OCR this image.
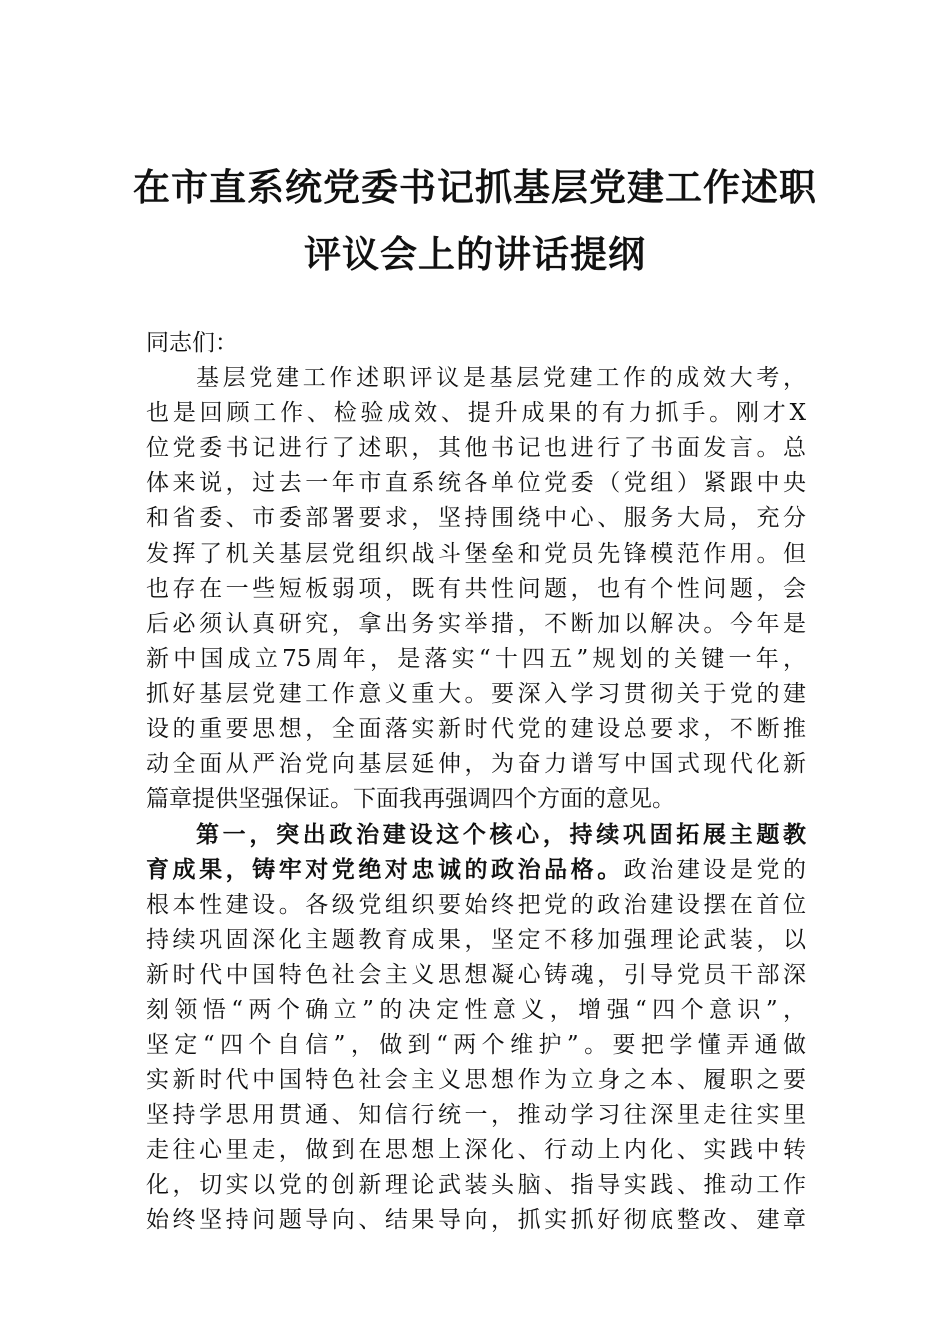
在市直系统党委书记抓基层党建工作述职
评议会上的讲话提纲
同志们：
基层党建工作述职评议是基层党建工作的成效大考，
也是回顾工作、检验成效、提升成果的有力抓手。刚才X
位党委书记进行了述职，其他书记也进行了书面发言。总
体来说，过去一年市直系统各单位党委（党组）紧跟中央
和省委、市委部署要求，坚持围绕中心、服务大局，充分
发挥了机关基层党组织战斗堡垒和党员先锋模范作用。但
也存在一些短板弱项，既有共性问题，也有个性问题，会
后必须认真研究，拿出务实举措，不断加以解决。今年是
新中国成立75周年，是落实“十四五”规划的关键一年，
抓好基层党建工作意义重大。要深入学习贯彻关于党的建
设的重要思想，全面落实新时代党的建设总要求，不断推
动全面从严治党向基层延伸，为奋力谱写中国式现代化新
篇章提供坚强保证。下面我再强调四个方面的意见。
第一，突出政治建设这个核心，持续巩固拓展主题教
育成果，铸牢对党绝对忠诚的政治品格。政治建设是党的
根本性建设。各级党组织要始终把党的政治建设摆在首位
持续巩固深化主题教育成果，坚定不移加强理论武装，以
新时代中国特色社会主义思想凝心铸魂，引导党员干部深
刻领悟“两个确立”的决定性意义，增强“四个意识”，
坚定“四个自信”，做到“两个维护”。要把学懂弄通做
实新时代中国特色社会主义思想作为立身之本、履职之要
坚持学思用贯通、知信行统一，推动学习往深里走往实里
走往心里走，做到在思想上深化、行动上内化、实践中转
化，切实以党的创新理论武装头脑、指导实践、推动工作
始终坚持问题导向、结果导向，抓实抓好彻底整改、建章
